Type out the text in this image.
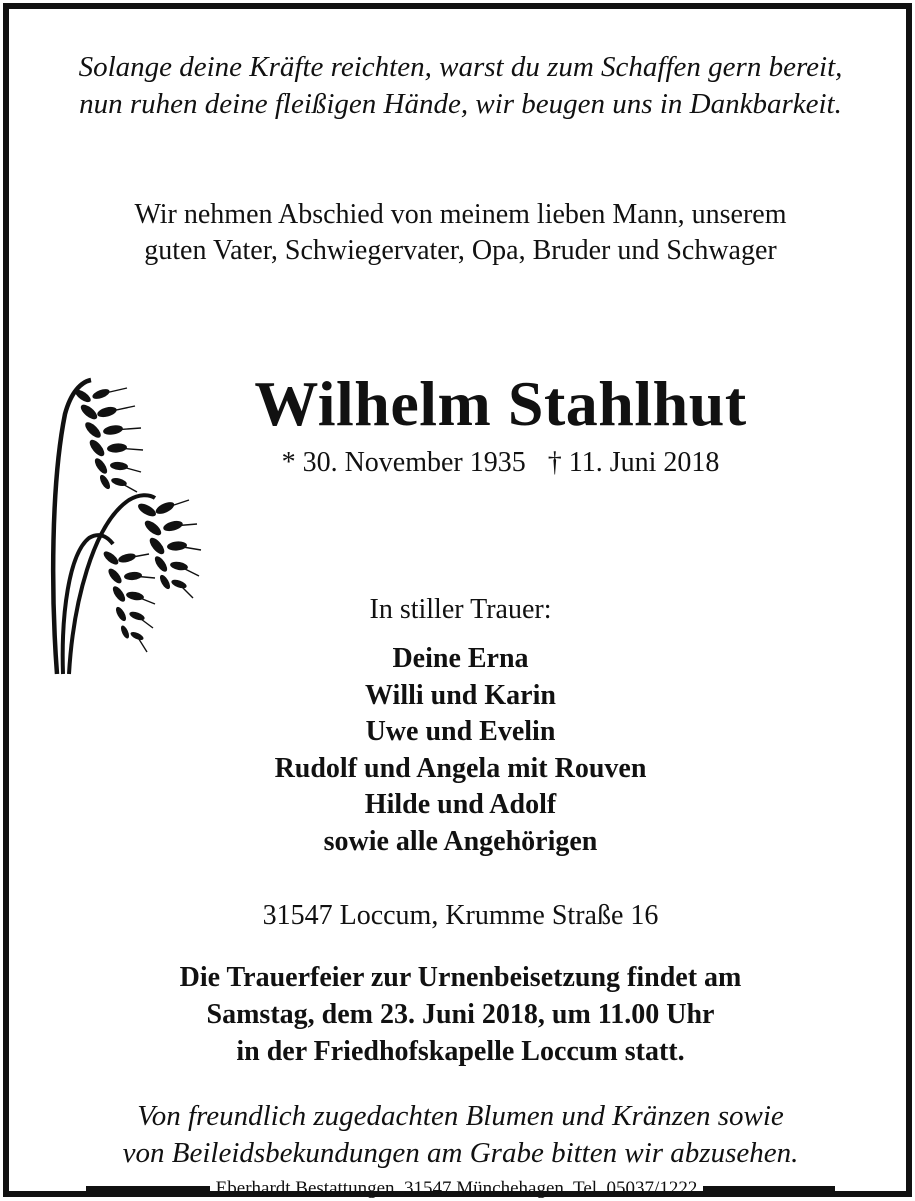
Solange deine Kräfte reichten, warst du zum Schaffen gern bereit,
nun ruhen deine fleißigen Hände, wir beugen uns in Dankbarkeit.
Wir nehmen Abschied von meinem lieben Mann, unserem
guten Vater, Schwiegervater, Opa, Bruder und Schwager
Wilhelm Stahlhut
* 30. November 1935 † 11. Juni 2018
In stiller Trauer:
Deine Erna
Willi und Karin
Uwe und Evelin
Rudolf und Angela mit Rouven
Hilde und Adolf
sowie alle Angehörigen
31547 Loccum, Krumme Straße 16
Die Trauerfeier zur Urnenbeisetzung findet am
Samstag, dem 23. Juni 2018, um 11.00 Uhr
in der Friedhofskapelle Loccum statt.
Von freundlich zugedachten Blumen und Kränzen sowie
von Beileidsbekundungen am Grabe bitten wir abzusehen.
Eberhardt Bestattungen, 31547 Münchehagen, Tel. 05037/1222
